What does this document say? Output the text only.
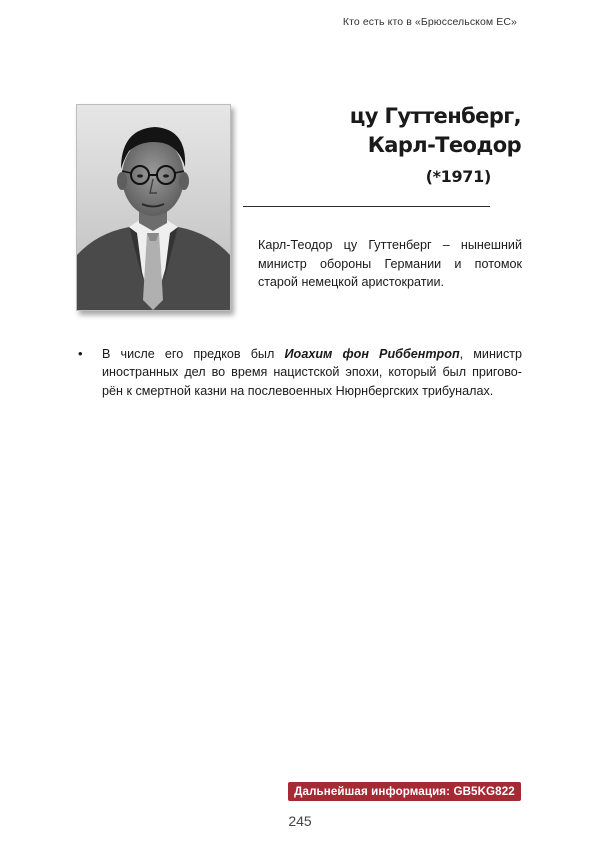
Кто есть кто в «Брюссельском ЕС»
цу Гуттенберг,
Карл-Теодор
(*1971)
Карл-Теодор цу Гуттенберг – нынешний министр обороны Германии и потомок старой немецкой аристократии.
• В числе его предков был Иоахим фон Риббентроп, министр иностранных дел во время нацистской эпохи, который был пригово-рён к смертной казни на послевоенных Нюрнбергских трибуналах.
Дальнейшая информация: GB5KG822
245
